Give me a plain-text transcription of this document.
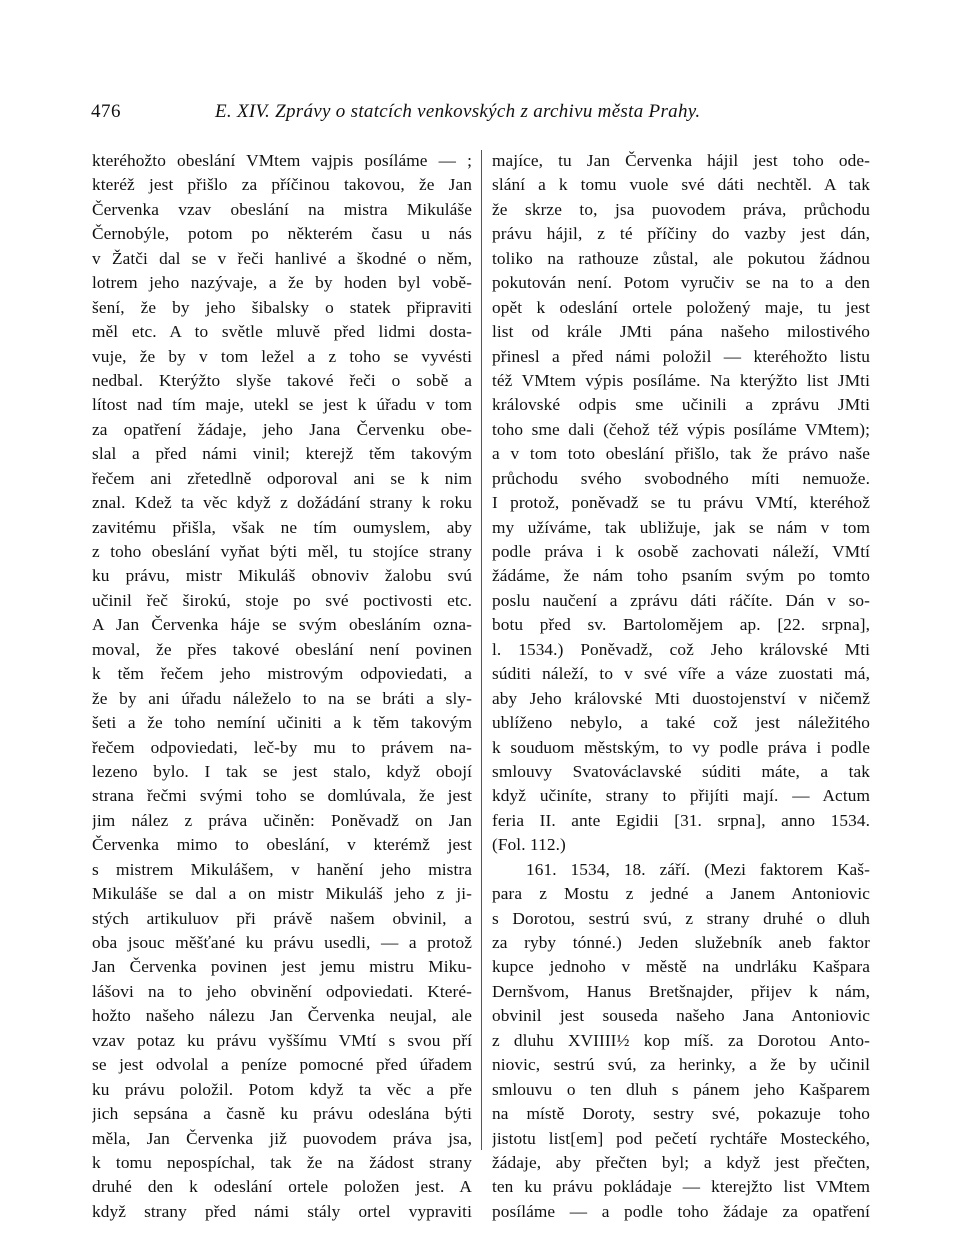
476	E. XIV. Zprávy o statcích venkovských z archivu města Prahy.
kteréhožto obeslání VMtem vajpis posíláme — ;
kteréž jest přišlo za příčinou takovou, že Jan
Červenka vzav obeslání na mistra Mikuláše
Černobýle, potom po některém času u nás
v Žatči dal se v řeči hanlivé a škodné o něm,
lotrem jeho nazývaje, a že by hoden byl vobě-
šení, že by jeho šibalsky o statek připraviti
měl etc. A to světle mluvě před lidmi dosta-
vuje, že by v tom ležel a z toho se vyvésti
nedbal. Kterýžto slyše takové řeči o sobě a
lítost nad tím maje, utekl se jest k úřadu v tom
za opatření žádaje, jeho Jana Červenku obe-
slal a před námi vinil; kterejž těm takovým
řečem ani zřetedlně odporoval ani se k nim
znal. Kdež ta věc když z dožádání strany k roku
zavitému přišla, však ne tím oumyslem, aby
z toho obeslání vyňat býti měl, tu stojíce strany
ku právu, mistr Mikuláš obnoviv žalobu svú
učinil řeč širokú, stoje po své poctivosti etc.
A Jan Červenka háje se svým obesláním ozna-
moval, že přes takové obeslání není povinen
k těm řečem jeho mistrovým odpoviedati, a
že by ani úřadu náleželo to na se bráti a sly-
šeti a že toho nemíní učiniti a k těm takovým
řečem odpoviedati, leč-by mu to právem na-
lezeno bylo. I tak se jest stalo, když obojí
strana řečmi svými toho se domlúvala, že jest
jim nález z práva učiněn: Poněvadž on Jan
Červenka mimo to obeslání, v kterémž jest
s mistrem Mikulášem, v hanění jeho mistra
Mikuláše se dal a on mistr Mikuláš jeho z ji-
stých artikuluov při právě našem obvinil, a
oba jsouc měšťané ku právu usedli, — a protož
Jan Červenka povinen jest jemu mistru Miku-
lášovi na to jeho obvinění odpoviedati. Které-
hožto našeho nálezu Jan Červenka neujal, ale
vzav potaz ku právu vyššímu VMtí s svou pří
se jest odvolal a peníze pomocné před úřadem
ku právu položil. Potom když ta věc a pře
jich sepsána a časně ku právu odeslána býti
měla, Jan Červenka již puovodem práva jsa,
k tomu nepospíchal, tak že na žádost strany
druhé den k odeslání ortele položen jest. A
když strany před námi stály ortel vypraviti
majíce, tu Jan Červenka hájil jest toho ode-
slání a k tomu vuole své dáti nechtěl. A tak
že skrze to, jsa puovodem práva, průchodu
právu hájil, z té příčiny do vazby jest dán,
toliko na rathouze zůstal, ale pokutou žádnou
pokutován není. Potom vyručiv se na to a den
opět k odeslání ortele položený maje, tu jest
list od krále JMti pána našeho milostivého
přinesl a před námi položil — kteréhožto listu
též VMtem výpis posíláme. Na kterýžto list JMti
královské odpis sme učinili a zprávu JMti
toho sme dali (čehož též výpis posíláme VMtem);
a v tom toto obeslání přišlo, tak že právo naše
průchodu svého svobodného míti nemuože.
I protož, poněvadž se tu právu VMtí, kteréhož
my užíváme, tak ubližuje, jak se nám v tom
podle práva i k osobě zachovati náleží, VMtí
žádáme, že nám toho psaním svým po tomto
poslu naučení a zprávu dáti ráčíte. Dán v so-
botu před sv. Bartolomějem ap. [22. srpna],
l. 1534.) Poněvadž, což Jeho královské Mti
súditi náleží, to v své víře a váze zuostati má,
aby Jeho královské Mti duostojenství v ničemž
ublíženo nebylo, a také což jest náležitého
k souduom městským, to vy podle práva i podle
smlouvy Svatováclavské súditi máte, a tak
když učiníte, strany to přijíti mají. — Actum
feria II. ante Egidii [31. srpna], anno 1534.
(Fol. 112.)
161. 1534, 18. září. (Mezi faktorem Kaš-
para z Mostu z jedné a Janem Antoniovic
s Dorotou, sestrú svú, z strany druhé o dluh
za ryby tónné.) Jeden služebník aneb faktor
kupce jednoho v městě na undrláku Kašpara
Dernšvom, Hanus Bretšnajder, přijev k nám,
obvinil jest souseda našeho Jana Antoniovic
z dluhu XVIIII½ kop míš. za Dorotou Anto-
niovic, sestrú svú, za herinky, a že by učinil
smlouvu o ten dluh s pánem jeho Kašparem
na místě Doroty, sestry své, pokazuje toho
jistotu list[em] pod pečetí rychtáře Mosteckého,
žádaje, aby přečten byl; a když jest přečten,
ten ku právu pokládaje — kterejžto list VMtem
posíláme — a podle toho žádaje za opatření
